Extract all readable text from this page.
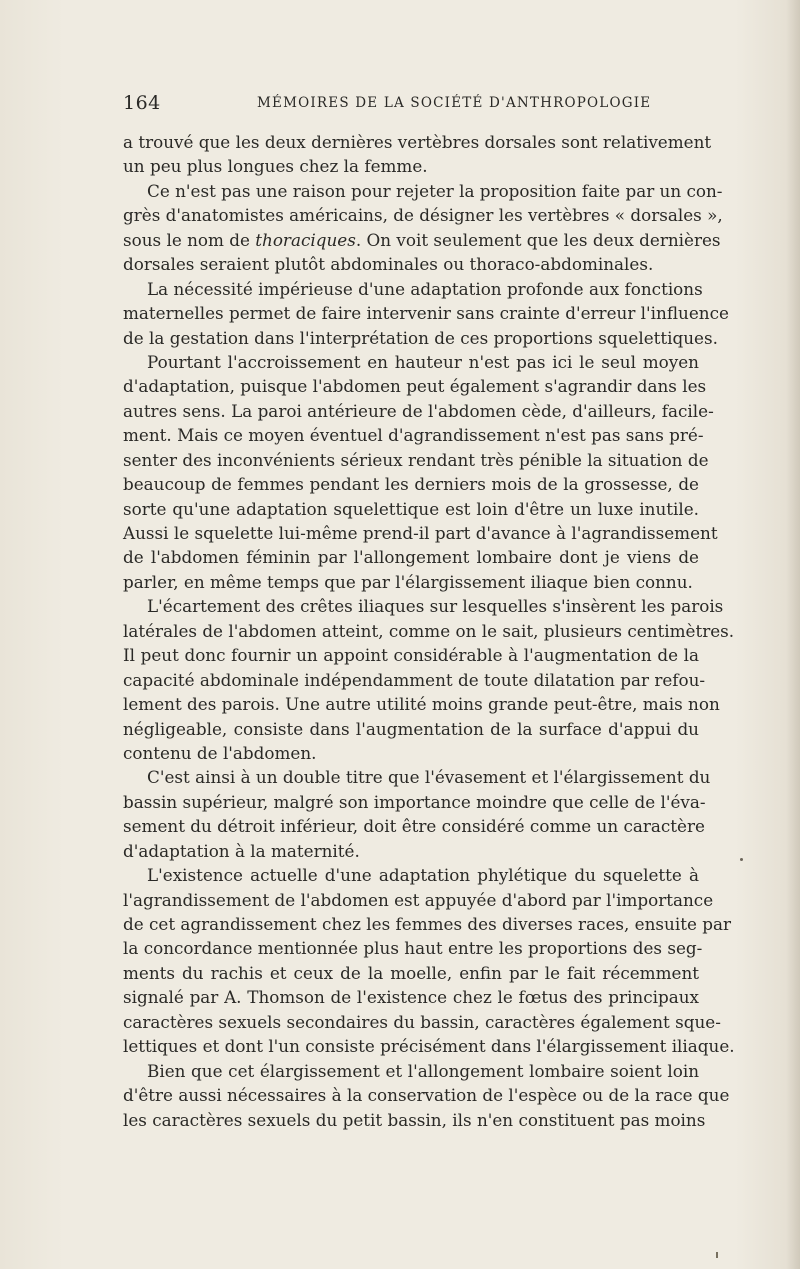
164	MÉMOIRES DE LA SOCIÉTÉ D'ANTHROPOLOGIE
a trouvé que les deux dernières vertèbres dorsales sont relativement
un peu plus longues chez la femme.
Ce n'est pas une raison pour rejeter la proposition faite par un con-
grès d'anatomistes américains, de désigner les vertèbres « dorsales »,
sous le nom de thoraciques. On voit seulement que les deux dernières
dorsales seraient plutôt abdominales ou thoraco-abdominales.
La nécessité impérieuse d'une adaptation profonde aux fonctions
maternelles permet de faire intervenir sans crainte d'erreur l'influence
de la gestation dans l'interprétation de ces proportions squelettiques.
Pourtant l'accroissement en hauteur n'est pas ici le seul moyen
d'adaptation, puisque l'abdomen peut également s'agrandir dans les
autres sens. La paroi antérieure de l'abdomen cède, d'ailleurs, facile-
ment. Mais ce moyen éventuel d'agrandissement n'est pas sans pré-
senter des inconvénients sérieux rendant très pénible la situation de
beaucoup de femmes pendant les derniers mois de la grossesse, de
sorte qu'une adaptation squelettique est loin d'être un luxe inutile.
Aussi le squelette lui-même prend-il part d'avance à l'agrandissement
de l'abdomen féminin par l'allongement lombaire dont je viens de
parler, en même temps que par l'élargissement iliaque bien connu.
L'écartement des crêtes iliaques sur lesquelles s'insèrent les parois
latérales de l'abdomen atteint, comme on le sait, plusieurs centimètres.
Il peut donc fournir un appoint considérable à l'augmentation de la
capacité abdominale indépendamment de toute dilatation par refou-
lement des parois. Une autre utilité moins grande peut-être, mais non
négligeable, consiste dans l'augmentation de la surface d'appui du
contenu de l'abdomen.
C'est ainsi à un double titre que l'évasement et l'élargissement du
bassin supérieur, malgré son importance moindre que celle de l'éva-
sement du détroit inférieur, doit être considéré comme un caractère
d'adaptation à la maternité.
L'existence actuelle d'une adaptation phylétique du squelette à
l'agrandissement de l'abdomen est appuyée d'abord par l'importance
de cet agrandissement chez les femmes des diverses races, ensuite par
la concordance mentionnée plus haut entre les proportions des seg-
ments du rachis et ceux de la moelle, enfin par le fait récemment
signalé par A. Thomson de l'existence chez le fœtus des principaux
caractères sexuels secondaires du bassin, caractères également sque-
lettiques et dont l'un consiste précisément dans l'élargissement iliaque.
Bien que cet élargissement et l'allongement lombaire soient loin
d'être aussi nécessaires à la conservation de l'espèce ou de la race que
les caractères sexuels du petit bassin, ils n'en constituent pas moins
